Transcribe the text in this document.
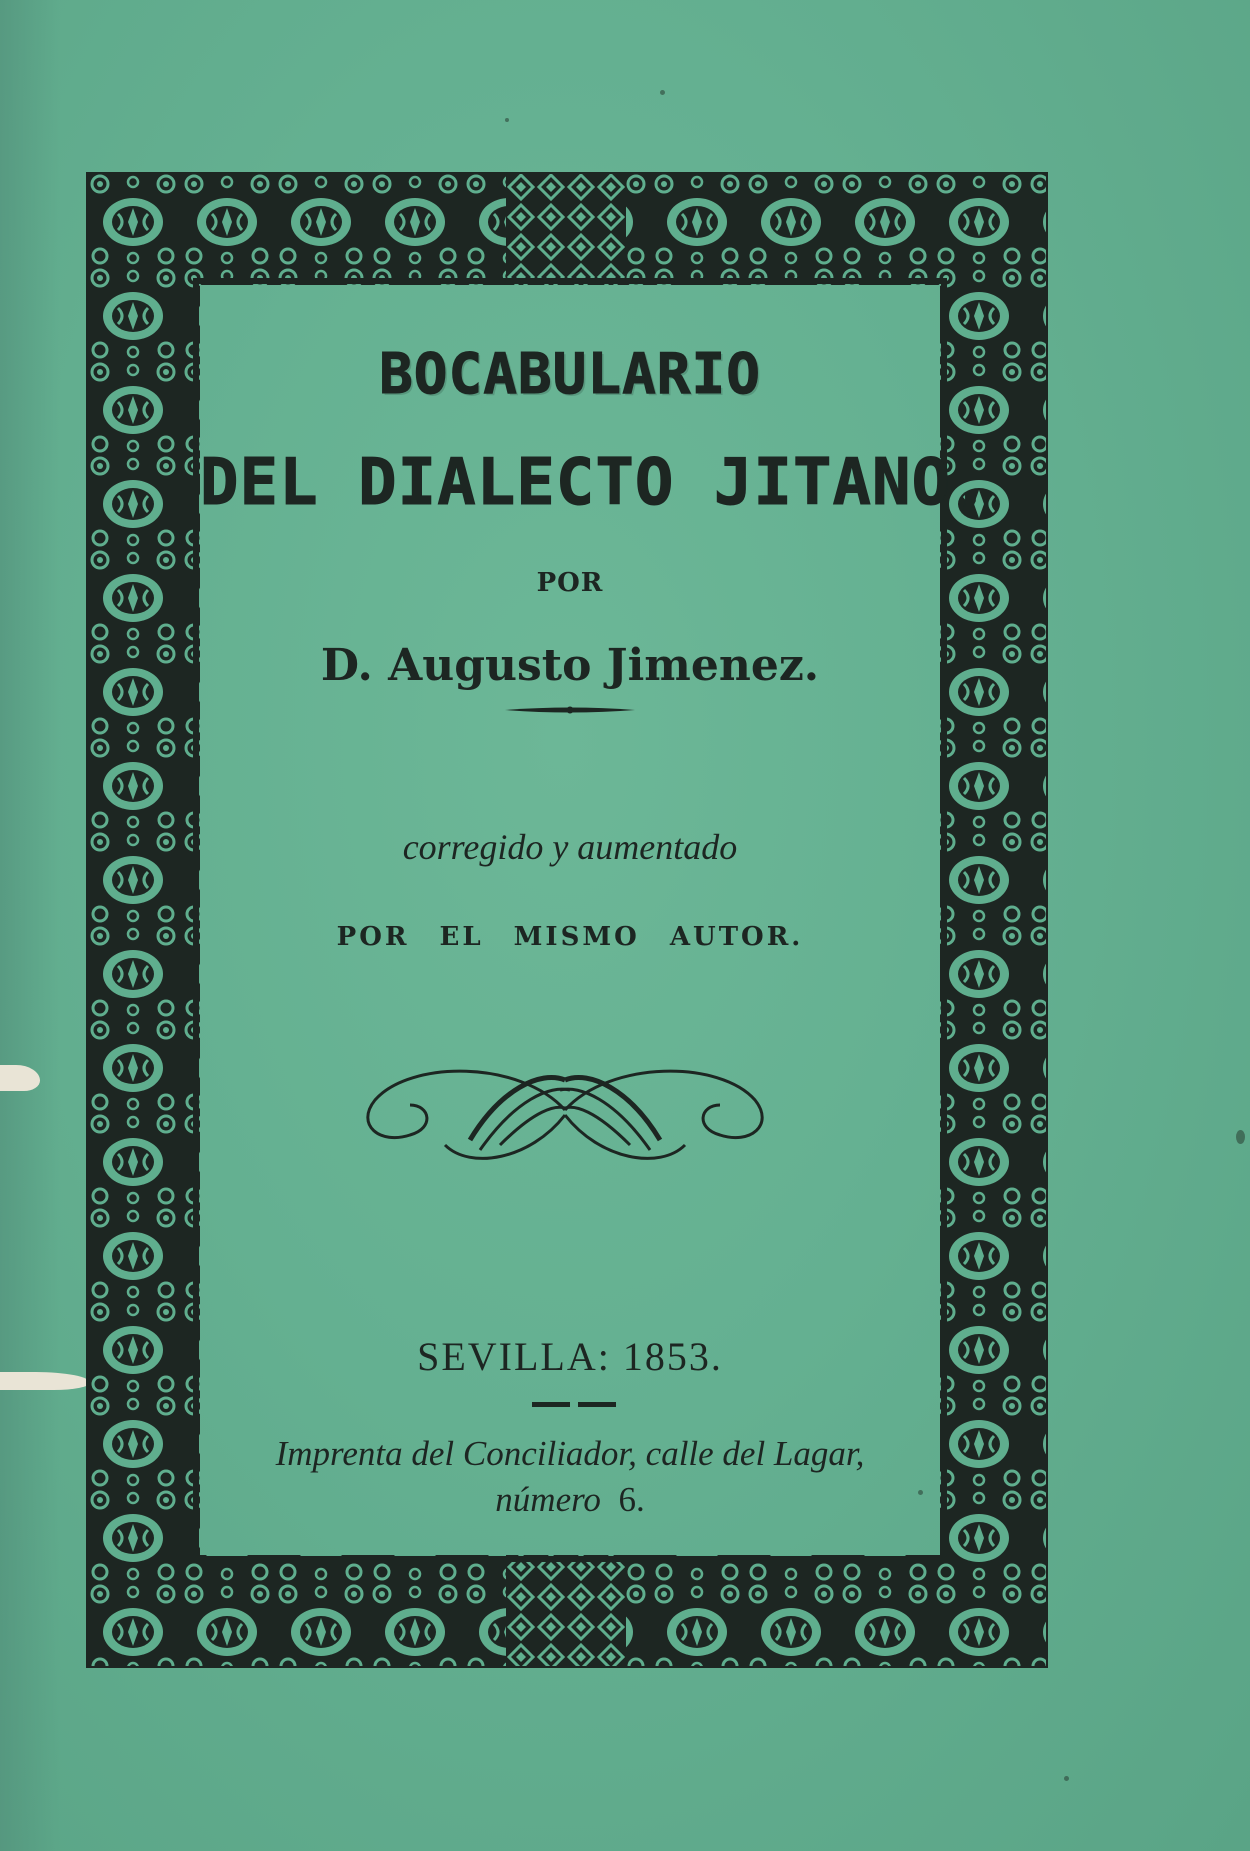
BOCABULARIO
DEL DIALECTO JITANO,
POR
D. Augusto Jimenez.
corregido y aumentado
POR EL MISMO AUTOR.
SEVILLA: 1853.
Imprenta del Conciliador, calle del Lagar,
número 6.
